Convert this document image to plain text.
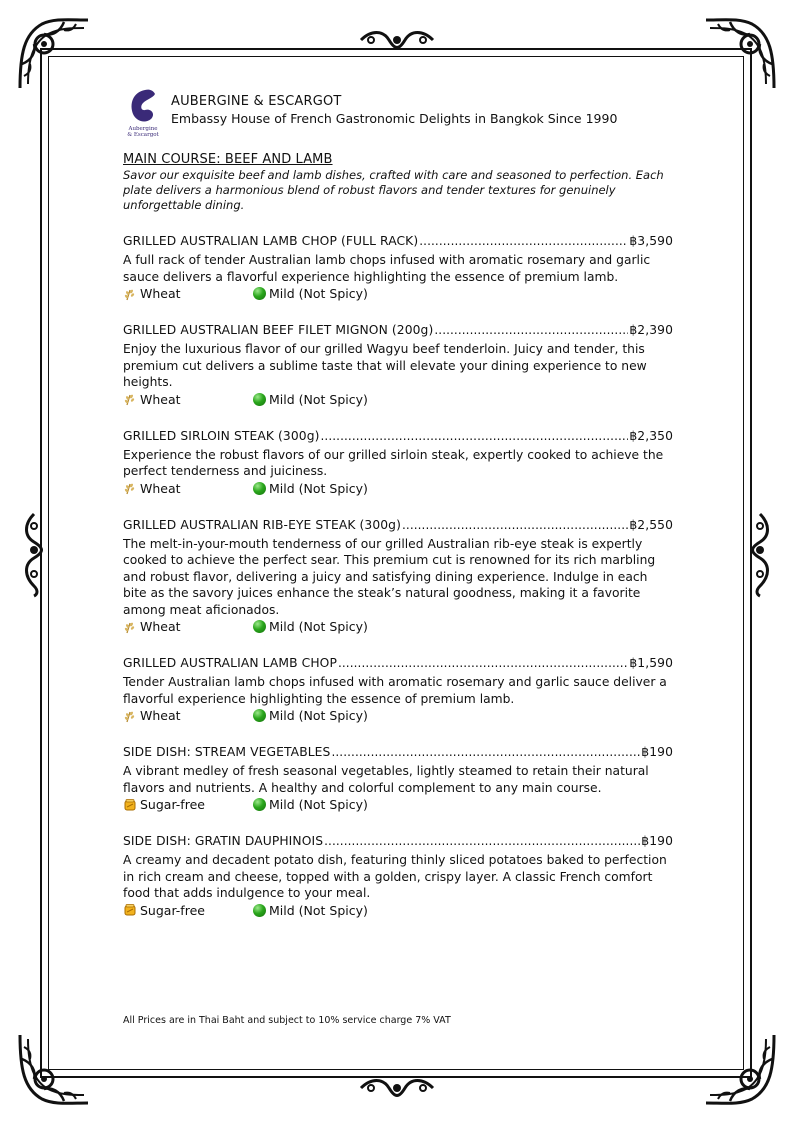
Aubergine
& Escargot
AUBERGINE & ESCARGOT
Embassy House of French Gastronomic Delights in Bangkok Since 1990
MAIN COURSE: BEEF AND LAMB
Savor our exquisite beef and lamb dishes, crafted with care and seasoned to perfection. Each plate delivers a harmonious blend of robust flavors and tender textures for genuinely unforgettable dining.
GRILLED AUSTRALIAN LAMB CHOP (FULL RACK) .....	฿3,590
A full rack of tender Australian lamb chops infused with aromatic rosemary and garlic sauce delivers a flavorful experience highlighting the essence of premium lamb.
Wheat	Mild (Not Spicy)
GRILLED AUSTRALIAN BEEF FILET MIGNON (200g) .....	฿2,390
Enjoy the luxurious flavor of our grilled Wagyu beef tenderloin. Juicy and tender, this premium cut delivers a sublime taste that will elevate your dining experience to new heights.
Wheat	Mild (Not Spicy)
GRILLED SIRLOIN STEAK (300g) .....	฿2,350
Experience the robust flavors of our grilled sirloin steak, expertly cooked to achieve the perfect tenderness and juiciness.
Wheat	Mild (Not Spicy)
GRILLED AUSTRALIAN RIB-EYE STEAK (300g) .....	฿2,550
The melt-in-your-mouth tenderness of our grilled Australian rib-eye steak is expertly cooked to achieve the perfect sear. This premium cut is renowned for its rich marbling and robust flavor, delivering a juicy and satisfying dining experience. Indulge in each bite as the savory juices enhance the steak’s natural goodness, making it a favorite among meat aficionados.
Wheat	Mild (Not Spicy)
GRILLED AUSTRALIAN LAMB CHOP .....	฿1,590
Tender Australian lamb chops infused with aromatic rosemary and garlic sauce deliver a flavorful experience highlighting the essence of premium lamb.
Wheat	Mild (Not Spicy)
SIDE DISH: STREAM VEGETABLES .....	฿190
A vibrant medley of fresh seasonal vegetables, lightly steamed to retain their natural flavors and nutrients. A healthy and colorful complement to any main course.
Sugar-free	Mild (Not Spicy)
SIDE DISH: GRATIN DAUPHINOIS .....	฿190
A creamy and decadent potato dish, featuring thinly sliced potatoes baked to perfection in rich cream and cheese, topped with a golden, crispy layer. A classic French comfort food that adds indulgence to your meal.
Sugar-free	Mild (Not Spicy)
All Prices are in Thai Baht and subject to 10% service charge 7% VAT
